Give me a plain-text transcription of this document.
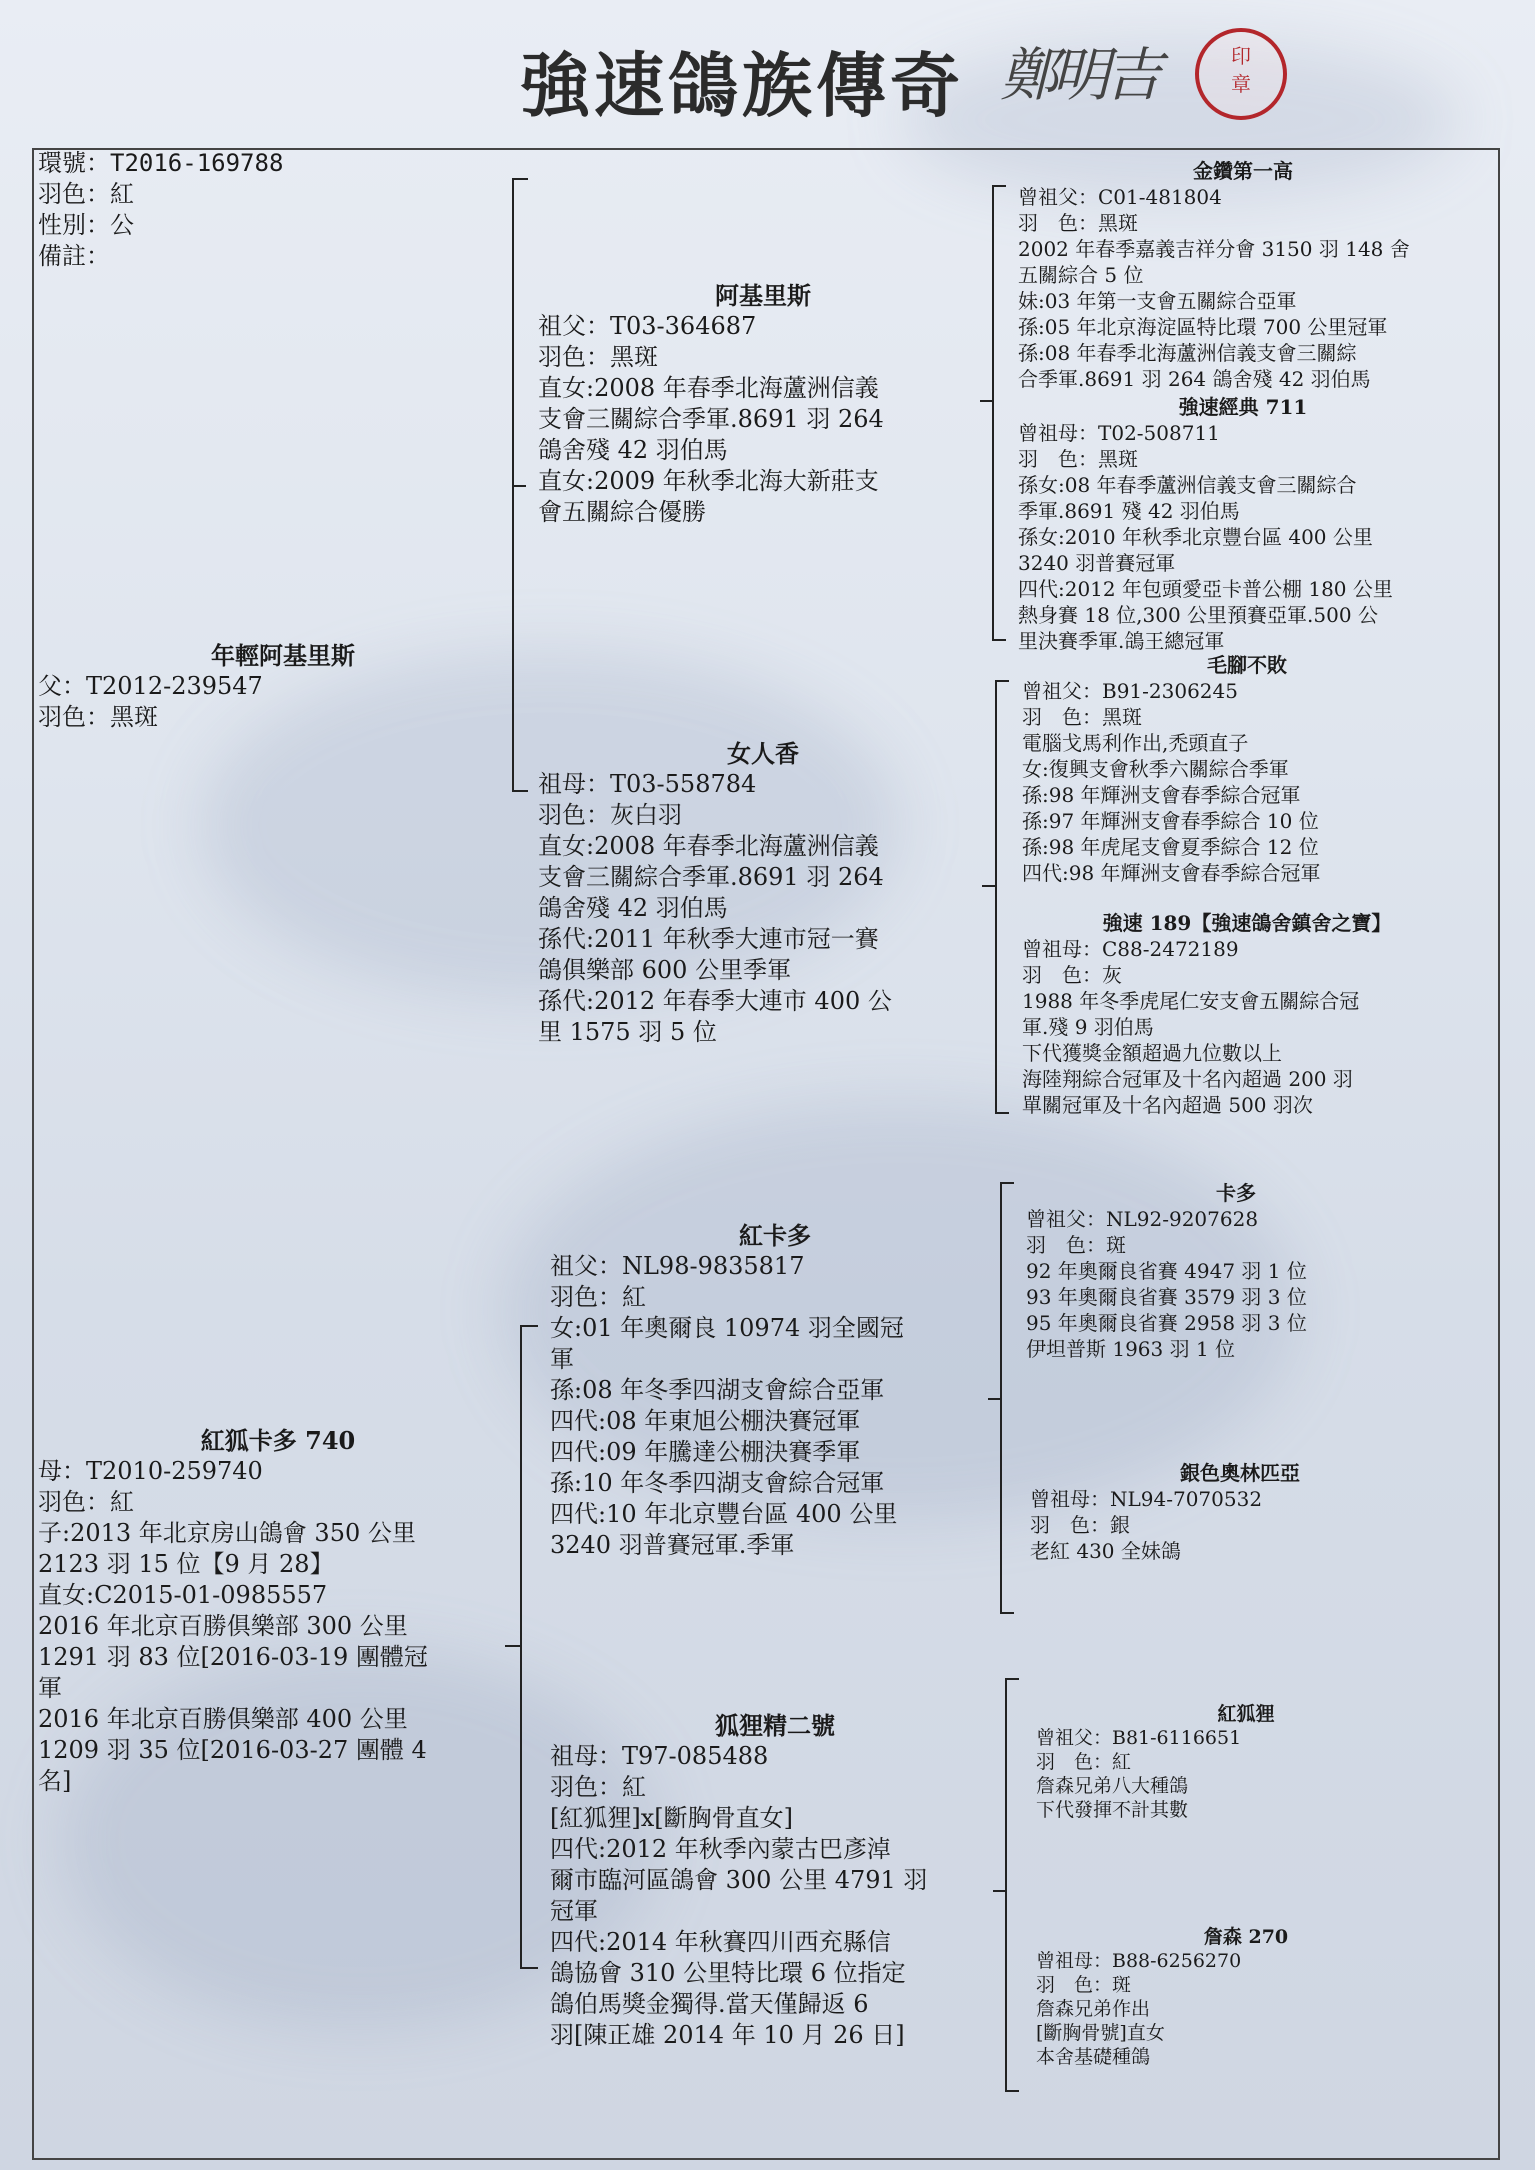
強速鴿族傳奇 鄭明吉	印
章
環號：T2016-169788
羽色：紅
性別：公
備註：
年輕阿基里斯
父：T2012-239547
羽色：黑斑
紅狐卡多 740
母：T2010-259740
羽色：紅
子:2013 年北京房山鴿會 350 公里
2123 羽 15 位【9 月 28】
直女:C2015-01-0985557
2016 年北京百勝俱樂部 300 公里
1291 羽 83 位[2016-03-19 團體冠
軍
2016 年北京百勝俱樂部 400 公里
1209 羽 35 位[2016-03-27 團體 4
名]
阿基里斯
祖父：T03-364687
羽色：黑斑
直女:2008 年春季北海蘆洲信義
支會三關綜合季軍.8691 羽 264
鴿舍殘 42 羽伯馬
直女:2009 年秋季北海大新莊支
會五關綜合優勝
女人香
祖母：T03-558784
羽色：灰白羽
直女:2008 年春季北海蘆洲信義
支會三關綜合季軍.8691 羽 264
鴿舍殘 42 羽伯馬
孫代:2011 年秋季大連市冠一賽
鴿俱樂部 600 公里季軍
孫代:2012 年春季大連市 400 公
里 1575 羽 5 位
紅卡多
祖父：NL98-9835817
羽色：紅
女:01 年奧爾良 10974 羽全國冠
軍
孫:08 年冬季四湖支會綜合亞軍
四代:08 年東旭公棚決賽冠軍
四代:09 年騰達公棚決賽季軍
孫:10 年冬季四湖支會綜合冠軍
四代:10 年北京豐台區 400 公里
3240 羽普賽冠軍.季軍
狐狸精二號
祖母：T97-085488
羽色：紅
[紅狐狸]x[斷胸骨直女]
四代:2012 年秋季內蒙古巴彥淖
爾市臨河區鴿會 300 公里 4791 羽
冠軍
四代:2014 年秋賽四川西充縣信
鴿協會 310 公里特比環 6 位指定
鴿伯馬獎金獨得.當天僅歸返 6
羽[陳正雄 2014 年 10 月 26 日]
金鑽第一高
曾祖父：C01-481804
羽　色：黑斑
2002 年春季嘉義吉祥分會 3150 羽 148 舍
五關綜合 5 位
妹:03 年第一支會五關綜合亞軍
孫:05 年北京海淀區特比環 700 公里冠軍
孫:08 年春季北海蘆洲信義支會三關綜
合季軍.8691 羽 264 鴿舍殘 42 羽伯馬
強速經典 711
曾祖母：T02-508711
羽　色：黑斑
孫女:08 年春季蘆洲信義支會三關綜合
季軍.8691 殘 42 羽伯馬
孫女:2010 年秋季北京豐台區 400 公里
3240 羽普賽冠軍
四代:2012 年包頭愛亞卡普公棚 180 公里
熱身賽 18 位,300 公里預賽亞軍.500 公
里決賽季軍.鴿王總冠軍
毛腳不敗
曾祖父：B91-2306245
羽　色：黑斑
電腦戈馬利作出,禿頭直子
女:復興支會秋季六關綜合季軍
孫:98 年輝洲支會春季綜合冠軍
孫:97 年輝洲支會春季綜合 10 位
孫:98 年虎尾支會夏季綜合 12 位
四代:98 年輝洲支會春季綜合冠軍
強速 189【強速鴿舍鎮舍之寶】
曾祖母：C88-2472189
羽　色：灰
1988 年冬季虎尾仁安支會五關綜合冠
軍.殘 9 羽伯馬
下代獲獎金額超過九位數以上
海陸翔綜合冠軍及十名內超過 200 羽
單關冠軍及十名內超過 500 羽次
卡多
曾祖父：NL92-9207628
羽　色：斑
92 年奧爾良省賽 4947 羽 1 位
93 年奧爾良省賽 3579 羽 3 位
95 年奧爾良省賽 2958 羽 3 位
伊坦普斯 1963 羽 1 位
銀色奧林匹亞
曾祖母：NL94-7070532
羽　色：銀
老紅 430 全妹鴿
紅狐狸
曾祖父：B81-6116651
羽　色：紅
詹森兄弟八大種鴿
下代發揮不計其數
詹森 270
曾祖母：B88-6256270
羽　色：斑
詹森兄弟作出
[斷胸骨號]直女
本舍基礎種鴿
